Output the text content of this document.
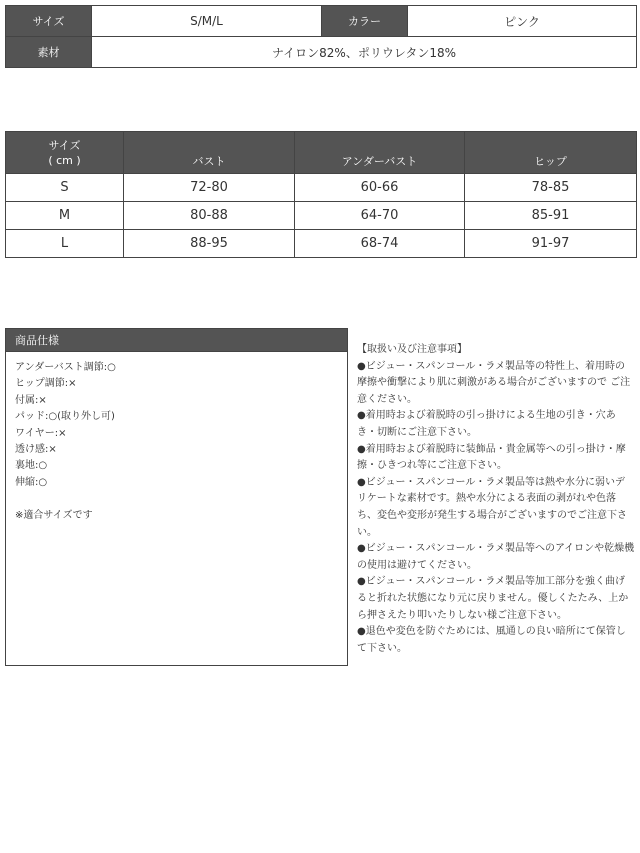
サイズ	S/M/L	カラー	ピンク
素材	ナイロン82%、ポリウレタン18%		
サイズ
( cm )	バスト	アンダーバスト	ヒップ
S	72-80	60-66	78-85
M	80-88	64-70	85-91
L	88-95	68-74	91-97
商品仕様
アンダーバスト調節:○
ヒップ調節:×
付属:×
パッド:○(取り外し可)
ワイヤー:×
透け感:×
裏地:○
伸縮:○
※適合サイズです

【取扱い及び注意事項】

●ビジュー・スパンコール・ラメ製品等の特性上、着用時の摩擦や衝撃により肌に刺激がある場合がございますので ご注意ください。

●着用時および着脱時の引っ掛けによる生地の引き・穴あき・切断にご注意下さい。

●着用時および着脱時に装飾品・貴金属等への引っ掛け・摩擦・ひきつれ等にご注意下さい。

●ビジュー・スパンコール・ラメ製品等は熱や水分に弱いデリケートな素材です。熱や水分による表面の剥がれや色落ち、変色や変形が発生する場合がございますのでご注意下さい。

●ビジュー・スパンコール・ラメ製品等へのアイロンや乾燥機の使用は避けてください。

●ビジュー・スパンコール・ラメ製品等加工部分を強く曲げると折れた状態になり元に戻りません。優しくたたみ、上から押さえたり叩いたりしない様ご注意下さい。

●退色や変色を防ぐためには、風通しの良い暗所にて保管して下さい。
